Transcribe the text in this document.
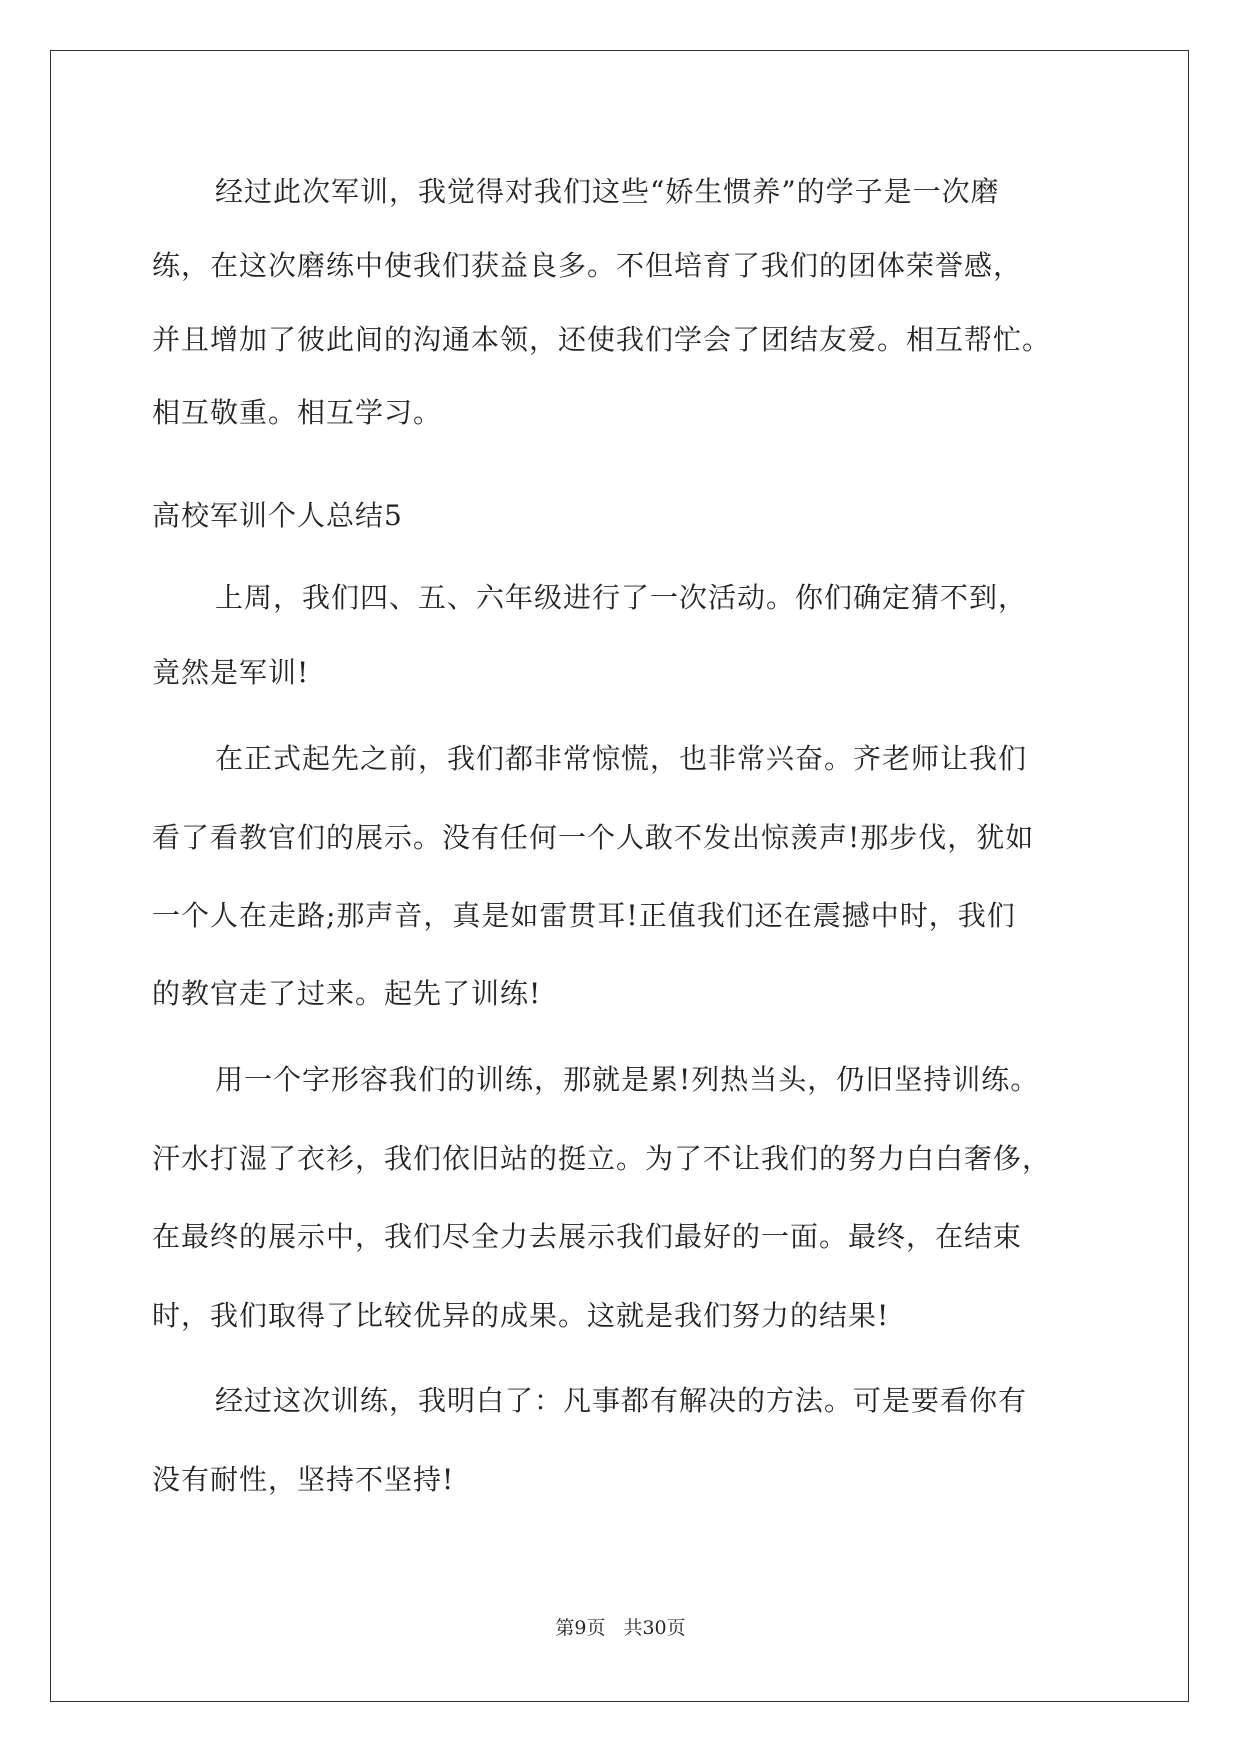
经过此次军训，我觉得对我们这些“娇生惯养”的学子是一次磨
练，在这次磨练中使我们获益良多。不但培育了我们的团体荣誉感，
并且增加了彼此间的沟通本领，还使我们学会了团结友爱。相互帮忙。
相互敬重。相互学习。
高校军训个人总结5
上周，我们四、五、六年级进行了一次活动。你们确定猜不到，
竟然是军训!
在正式起先之前，我们都非常惊慌，也非常兴奋。齐老师让我们
看了看教官们的展示。没有任何一个人敢不发出惊羡声!那步伐，犹如
一个人在走路;那声音，真是如雷贯耳!正值我们还在震撼中时，我们
的教官走了过来。起先了训练!
用一个字形容我们的训练，那就是累!列热当头，仍旧坚持训练。
汗水打湿了衣衫，我们依旧站的挺立。为了不让我们的努力白白奢侈，
在最终的展示中，我们尽全力去展示我们最好的一面。最终，在结束
时，我们取得了比较优异的成果。这就是我们努力的结果!
经过这次训练，我明白了：凡事都有解决的方法。可是要看你有
没有耐性，坚持不坚持!
第9页 共30页
